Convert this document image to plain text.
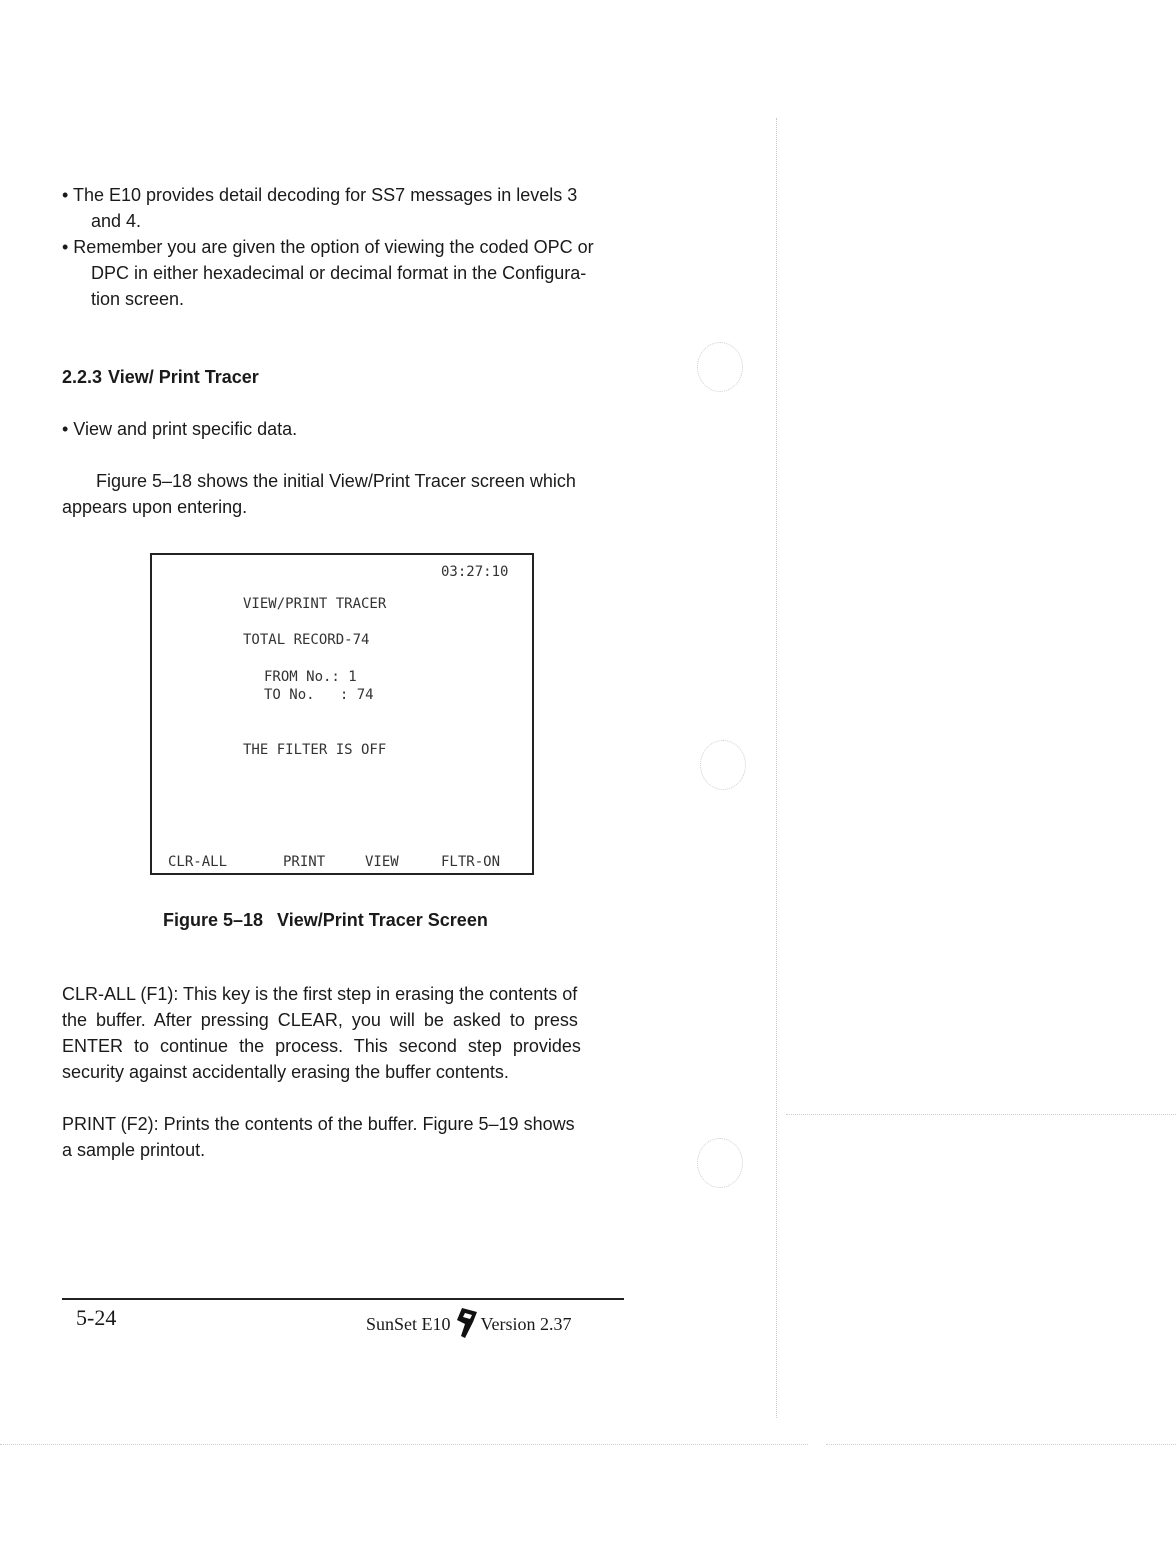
• The E10 provides detail decoding for SS7 messages in levels 3
and 4.
• Remember you are given the option of viewing the coded OPC or
DPC in either hexadecimal or decimal format in the Configura-
tion screen.
2.2.3 View/ Print Tracer
• View and print specific data.
Figure 5–18 shows the initial View/Print Tracer screen which
appears upon entering.
03:27:10
VIEW/PRINT TRACER
TOTAL RECORD-74
FROM No.: 1
TO No.   : 74
THE FILTER IS OFF
CLR-ALL	PRINT	VIEW	FLTR-ON
Figure 5–18 View/Print Tracer Screen
CLR-ALL (F1): This key is the first step in erasing the contents of
the buffer. After pressing CLEAR, you will be asked to press
ENTER to continue the process. This second step provides
security against accidentally erasing the buffer contents.
PRINT (F2): Prints the contents of the buffer. Figure 5–19 shows
a sample printout.
5-24	SunSet E10 Version 2.37
